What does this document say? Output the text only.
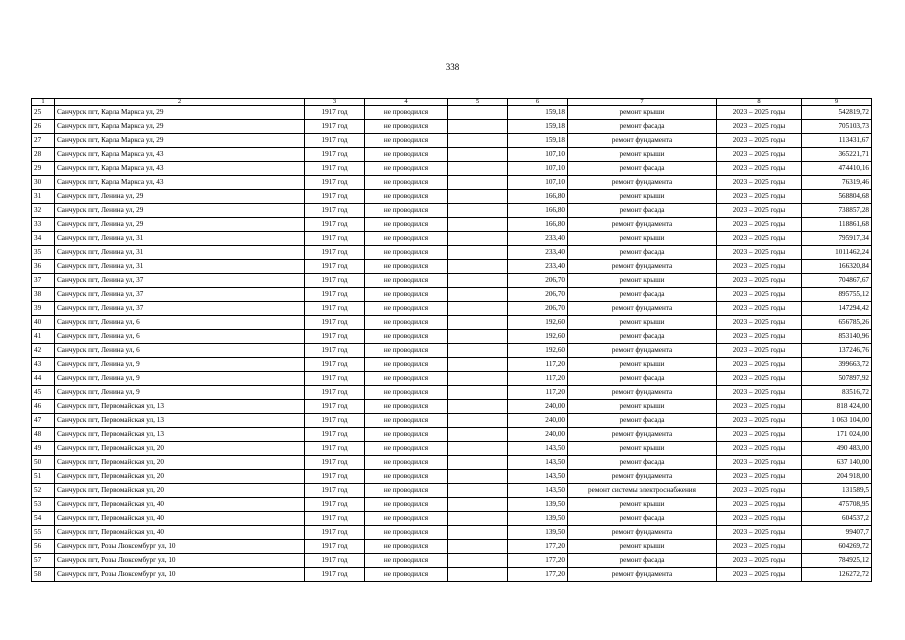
338
1	2	3	4	5	6	7	8	9
25	Санчурск пгт, Карла Маркса ул, 29	1917 год	не проводился		159,18	ремонт крыши	2023 – 2025 годы	542819,72
26	Санчурск пгт, Карла Маркса ул, 29	1917 год	не проводился		159,18	ремонт фасада	2023 – 2025 годы	705103,73
27	Санчурск пгт, Карла Маркса ул, 29	1917 год	не проводился		159,18	ремонт фундамента	2023 – 2025 годы	113431,67
28	Санчурск пгт, Карла Маркса ул, 43	1917 год	не проводился		107,10	ремонт крыши	2023 – 2025 годы	365221,71
29	Санчурск пгт, Карла Маркса ул, 43	1917 год	не проводился		107,10	ремонт фасада	2023 – 2025 годы	474410,16
30	Санчурск пгт, Карла Маркса ул, 43	1917 год	не проводился		107,10	ремонт фундамента	2023 – 2025 годы	76319,46
31	Санчурск пгт, Ленина ул, 29	1917 год	не проводился		166,80	ремонт крыши	2023 – 2025 годы	568804,68
32	Санчурск пгт, Ленина ул, 29	1917 год	не проводился		166,80	ремонт фасада	2023 – 2025 годы	738857,28
33	Санчурск пгт, Ленина ул, 29	1917 год	не проводился		166,80	ремонт фундамента	2023 – 2025 годы	118861,68
34	Санчурск пгт, Ленина ул, 31	1917 год	не проводился		233,40	ремонт крыши	2023 – 2025 годы	795917,34
35	Санчурск пгт, Ленина ул, 31	1917 год	не проводился		233,40	ремонт фасада	2023 – 2025 годы	1011462,24
36	Санчурск пгт, Ленина ул, 31	1917 год	не проводился		233,40	ремонт фундамента	2023 – 2025 годы	166320,84
37	Санчурск пгт, Ленина ул, 37	1917 год	не проводился		206,70	ремонт крыши	2023 – 2025 годы	704867,67
38	Санчурск пгт, Ленина ул, 37	1917 год	не проводился		206,70	ремонт фасада	2023 – 2025 годы	895755,12
39	Санчурск пгт, Ленина ул, 37	1917 год	не проводился		206,70	ремонт фундамента	2023 – 2025 годы	147294,42
40	Санчурск пгт, Ленина ул, 6	1917 год	не проводился		192,60	ремонт крыши	2023 – 2025 годы	656785,26
41	Санчурск пгт, Ленина ул, 6	1917 год	не проводился		192,60	ремонт фасада	2023 – 2025 годы	853140,96
42	Санчурск пгт, Ленина ул, 6	1917 год	не проводился		192,60	ремонт фундамента	2023 – 2025 годы	137246,76
43	Санчурск пгт, Ленина ул, 9	1917 год	не проводился		117,20	ремонт крыши	2023 – 2025 годы	399663,72
44	Санчурск пгт, Ленина ул, 9	1917 год	не проводился		117,20	ремонт фасада	2023 – 2025 годы	507897,92
45	Санчурск пгт, Ленина ул, 9	1917 год	не проводился		117,20	ремонт фундамента	2023 – 2025 годы	83516,72
46	Санчурск пгт, Первомайская ул, 13	1917 год	не проводился		240,00	ремонт крыши	2023 – 2025 годы	818 424,00
47	Санчурск пгт, Первомайская ул, 13	1917 год	не проводился		240,00	ремонт фасада	2023 – 2025 годы	1 063 104,00
48	Санчурск пгт, Первомайская ул, 13	1917 год	не проводился		240,00	ремонт фундамента	2023 – 2025 годы	171 024,00
49	Санчурск пгт, Первомайская ул, 20	1917 год	не проводился		143,50	ремонт крыши	2023 – 2025 годы	490 483,00
50	Санчурск пгт, Первомайская ул, 20	1917 год	не проводился		143,50	ремонт фасада	2023 – 2025 годы	637 140,00
51	Санчурск пгт, Первомайская ул, 20	1917 год	не проводился		143,50	ремонт фундамента	2023 – 2025 годы	204 918,00
52	Санчурск пгт, Первомайская ул, 20	1917 год	не проводился		143,50	ремонт системы электроснабжения	2023 – 2025 годы	131589,5
53	Санчурск пгт, Первомайская ул, 40	1917 год	не проводился		139,50	ремонт крыши	2023 – 2025 годы	475708,95
54	Санчурск пгт, Первомайская ул, 40	1917 год	не проводился		139,50	ремонт фасада	2023 – 2025 годы	604537,2
55	Санчурск пгт, Первомайская ул, 40	1917 год	не проводился		139,50	ремонт фундамента	2023 – 2025 годы	99407,7
56	Санчурск пгт, Розы Люксембург ул, 10	1917 год	не проводился		177,20	ремонт крыши	2023 – 2025 годы	604269,72
57	Санчурск пгт, Розы Люксембург ул, 10	1917 год	не проводился		177,20	ремонт фасада	2023 – 2025 годы	784925,12
58	Санчурск пгт, Розы Люксембург ул, 10	1917 год	не проводился		177,20	ремонт фундамента	2023 – 2025 годы	126272,72
